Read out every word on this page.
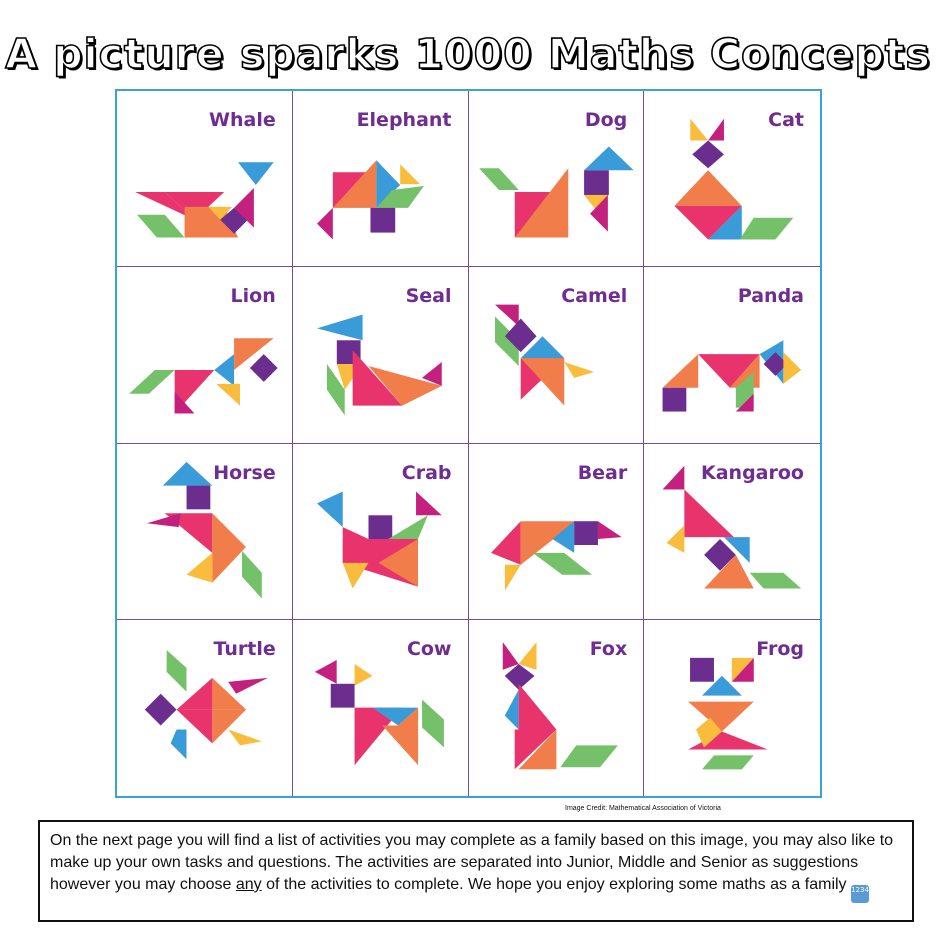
A picture sparks 1000 Maths Concepts
Whale	Elephant	Dog	Cat
Lion	Seal	Camel	Panda
Horse	Crab	Bear	Kangaroo
Turtle	Cow	Fox	Frog
Image Credit: Mathematical Association of Victoria
On the next page you will find a list of activities you may complete as a family based on this image, you may also like to make up your own tasks and questions. The activities are separated into Junior, Middle and Senior as suggestions however you may choose any of the activities to complete. We hope you enjoy exploring some maths as a family 1234
